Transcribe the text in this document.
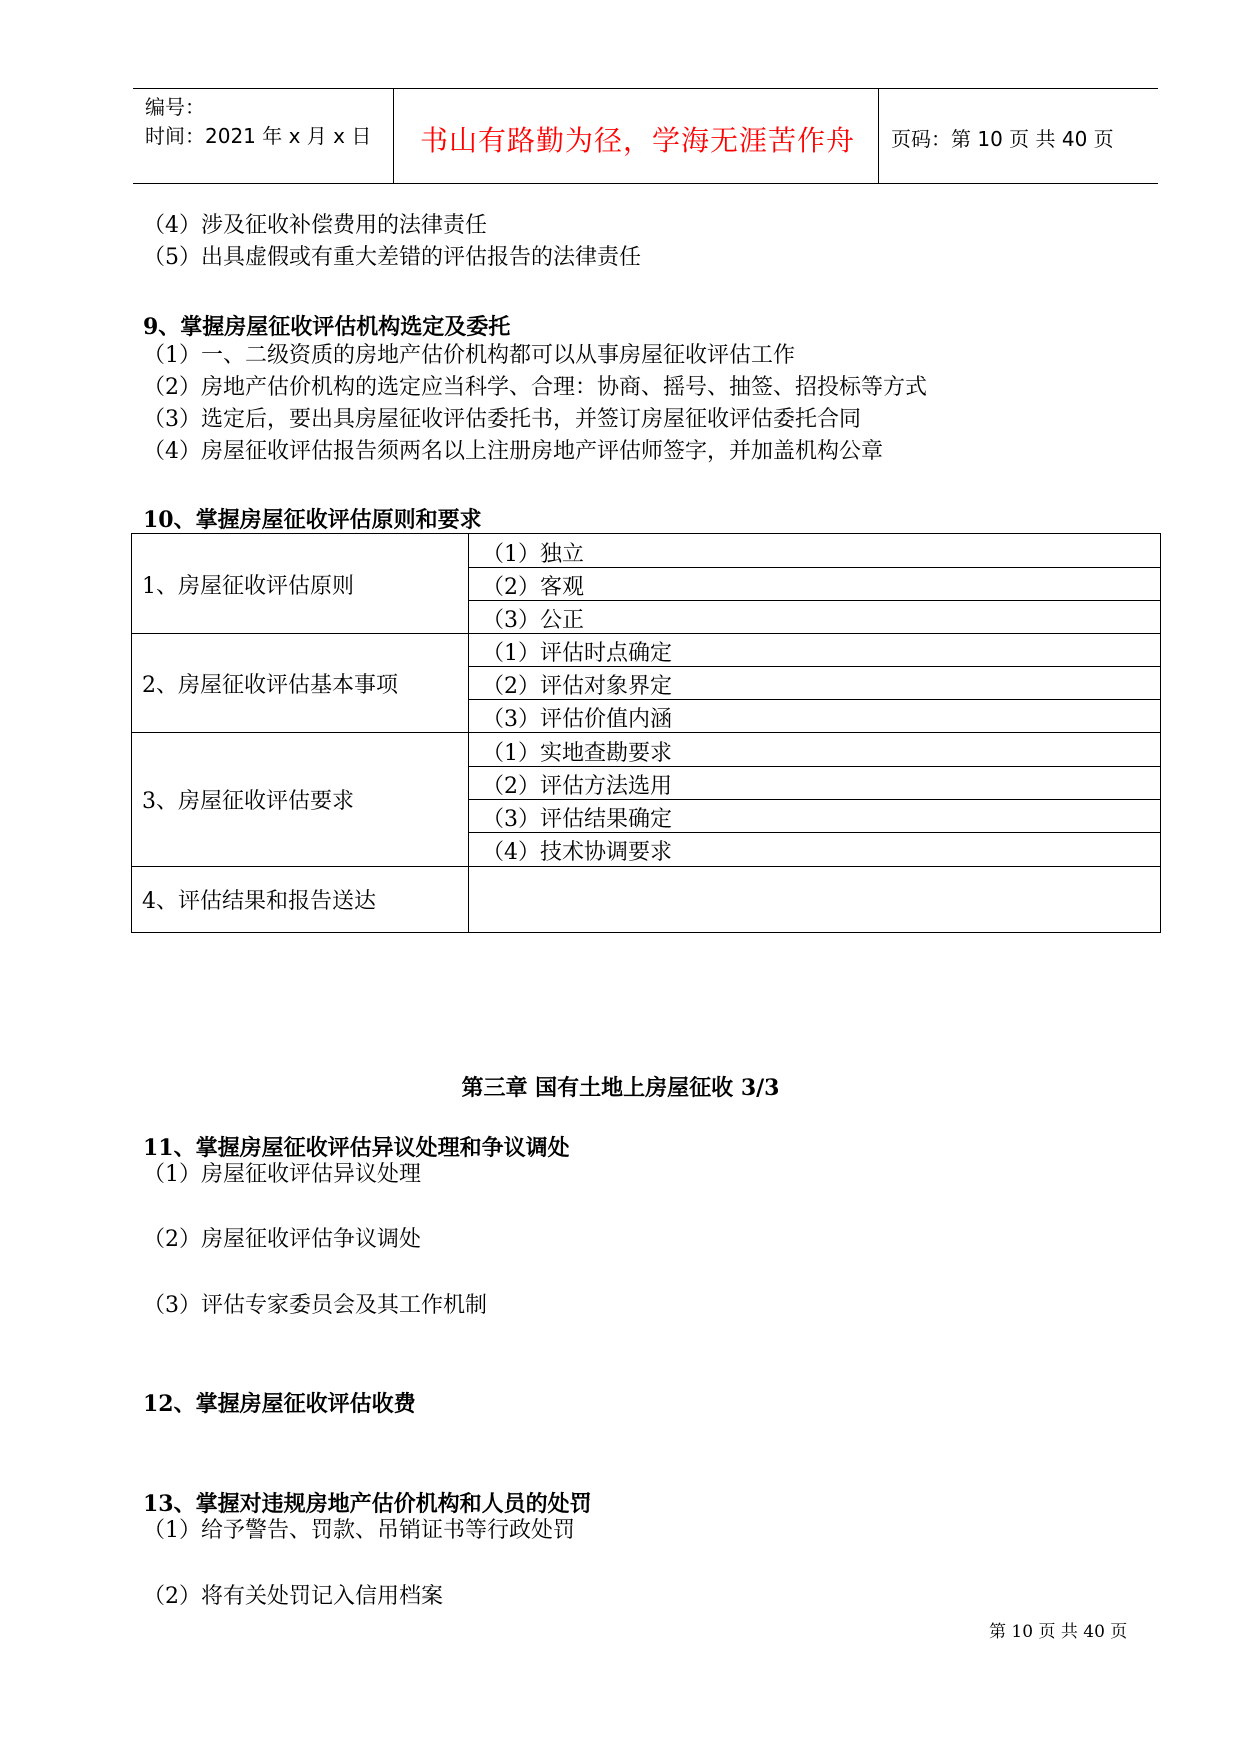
编号：
时间：2021 年 x 月 x 日 书山有路勤为径，学海无涯苦作舟 页码：第 10 页 共 40 页
（4）涉及征收补偿费用的法律责任
（5）出具虚假或有重大差错的评估报告的法律责任
9、掌握房屋征收评估机构选定及委托
（1）一、二级资质的房地产估价机构都可以从事房屋征收评估工作
（2）房地产估价机构的选定应当科学、合理：协商、摇号、抽签、招投标等方式
（3）选定后，要出具房屋征收评估委托书，并签订房屋征收评估委托合同
（4）房屋征收评估报告须两名以上注册房地产评估师签字，并加盖机构公章
10、掌握房屋征收评估原则和要求
1、房屋征收评估原则
2、房屋征收评估基本事项
3、房屋征收评估要求
4、评估结果和报告送达
（1）独立
（2）客观
（3）公正
（1）评估时点确定
（2）评估对象界定
（3）评估价值内涵
（1）实地查勘要求
（2）评估方法选用
（3）评估结果确定
（4）技术协调要求
第三章 国有土地上房屋征收 3/3
11、掌握房屋征收评估异议处理和争议调处
（1）房屋征收评估异议处理
（2）房屋征收评估争议调处
（3）评估专家委员会及其工作机制
12、掌握房屋征收评估收费
13、掌握对违规房地产估价机构和人员的处罚
（1）给予警告、罚款、吊销证书等行政处罚
（2）将有关处罚记入信用档案
第 10 页 共 40 页
